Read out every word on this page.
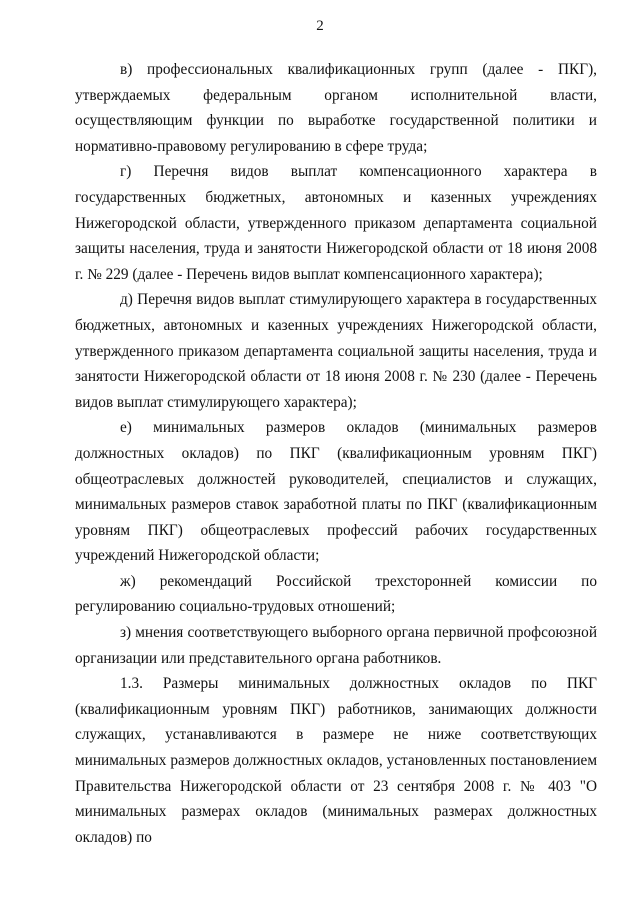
2

в) профессиональных квалификационных групп (далее - ПКГ), утверждаемых федеральным органом исполнительной власти, осуществляющим функции по выработке государственной политики и нормативно-правовому регулированию в сфере труда;

г) Перечня видов выплат компенсационного характера в государственных бюджетных, автономных и казенных учреждениях Нижегородской области, утвержденного приказом департамента социальной защиты населения, труда и занятости Нижегородской области от 18 июня 2008 г. № 229 (далее - Перечень видов выплат компенсационного характера);

д) Перечня видов выплат стимулирующего характера в государственных бюджетных, автономных и казенных учреждениях Нижегородской области, утвержденного приказом департамента социальной защиты населения, труда и занятости Нижегородской области от 18 июня 2008 г. № 230 (далее - Перечень видов выплат стимулирующего характера);

е) минимальных размеров окладов (минимальных размеров должностных окладов) по ПКГ (квалификационным уровням ПКГ) общеотраслевых должностей руководителей, специалистов и служащих, минимальных размеров ставок заработной платы по ПКГ (квалификационным уровням ПКГ) общеотраслевых профессий рабочих государственных учреждений Нижегородской области;

ж) рекомендаций Российской трехсторонней комиссии по регулированию социально-трудовых отношений;

з) мнения соответствующего выборного органа первичной профсоюзной организации или представительного органа работников.

1.3. Размеры минимальных должностных окладов по ПКГ (квалификационным уровням ПКГ) работников, занимающих должности служащих, устанавливаются в размере не ниже соответствующих минимальных размеров должностных окладов, установленных постановлением Правительства Нижегородской области от 23 сентября 2008 г. № 403 "О минимальных размерах окладов (минимальных размерах должностных окладов) по
